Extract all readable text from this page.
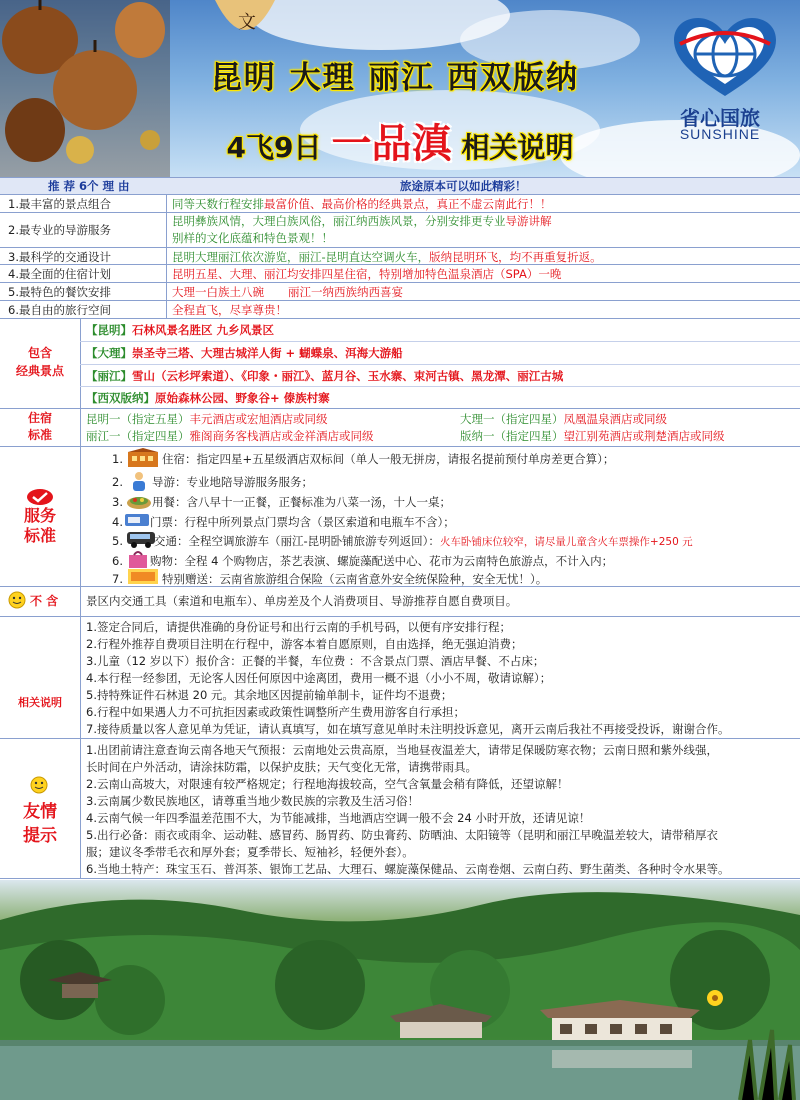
文
昆明 大理 丽江 西双版纳
4飞9日 一品滇 相关说明
省心国旅
SUNSHINE
推 荐 6个 理 由	旅途原本可以如此精彩！
1.最丰富的景点组合	同等天数行程安排最富价值、最高价格的经典景点，真正不虚云南此行！！
2.最专业的导游服务
昆明彝族风情，大理白族风俗，丽江纳西族风景，分别安排更专业导游讲解
别样的文化底蕴和特色景观！！
3.最科学的交通设计	昆明大理丽江依次游览，丽江-昆明直达空调火车，版纳昆明环飞，均不再重复折返。
4.最全面的住宿计划	昆明五星、大理、丽江均安排四星住宿，特别增加特色温泉酒店（SPA）一晚
5.最特色的餐饮安排	大理一白族土八碗 丽江一纳西族纳西喜宴
6.最自由的旅行空间	全程直飞，尽享尊贵！
包含
经典景点
【昆明】石林风景名胜区 九乡风景区
【大理】崇圣寺三塔、大理古城洋人街 + 蝴蝶泉、洱海大游船
【丽江】雪山（云杉坪索道）、《印象・丽江》、蓝月谷、玉水寨、束河古镇、黑龙潭、丽江古城
【西双版纳】原始森林公园、野象谷+ 傣族村寨
住宿
标准
昆明一（指定五星）丰元酒店或宏旭酒店或同级	大理一（指定四星）凤凰温泉酒店或同级
丽江一（指定四星）雅阁商务客栈酒店或金祥酒店或同级	版纳一（指定四星）望江别苑酒店或荆楚酒店或同级
服务
标准
1.	住宿：指定四星+五星级酒店双标间（单人一般无拼房，请报名提前预付单房差更合算）；
2.	导游：专业地陪导游服务服务；
3.	用餐：含八早十一正餐，正餐标准为八菜一汤，十人一桌；
4. 门票：行程中所列景点门票均含（景区索道和电瓶车不含）；
5.	交通：全程空调旅游车（丽江-昆明卧铺旅游专列返回）：火车卧铺床位较窄，请尽量儿童含火车票操作+250 元
6. 购物：全程 4 个购物店，茶艺表演、螺旋藻配送中心、花市为云南特色旅游点，不计入内；
7.	特别赠送：云南省旅游组合保险（云南省意外安全统保险种，安全无忧！）。
不 含 景区内交通工具（索道和电瓶车）、单房差及个人消费项目、导游推荐自愿自费项目。
相关说明
1.签定合同后，请提供准确的身份证号和出行云南的手机号码，以便有序安排行程；
2.行程外推荐自费项目注明在行程中，游客本着自愿原则，自由选择，绝无强迫消费；
3.儿童（12 岁以下）报价含：正餐的半餐，车位费 ：不含景点门票、酒店早餐、不占床；
4.本行程一经参团，无论客人因任何原因中途离团，费用一概不退（小小不周，敬请谅解）；
5.持特殊证件石林退 20 元。其余地区因提前输单制卡，证件均不退费；
6.行程中如果遇人力不可抗拒因素或政策性调整所产生费用游客自行承担；
7.接待质量以客人意见单为凭证，请认真填写，如在填写意见单时未注明投诉意见，离开云南后我社不再接受投诉，谢谢合作。
友情
提示
1.出团前请注意查询云南各地天气预报：云南地处云贵高原，当地昼夜温差大，请带足保暖防寒衣物；云南日照和紫外线强，
长时间在户外活动，请涂抹防霜，以保护皮肤；天气变化无常，请携带雨具。
2.云南山高坡大，对限速有较严格规定；行程地海拔较高，空气含氧量会稍有降低，还望谅解！
3.云南属少数民族地区，请尊重当地少数民族的宗教及生活习俗！
4.云南气候一年四季温差范围不大，为节能减排，当地酒店空调一般不会 24 小时开放，还请见谅！
5.出行必备：雨衣或雨伞、运动鞋、感冒药、肠胃药、防虫膏药、防晒油、太阳镜等（昆明和丽江早晚温差较大，请带稍厚衣
服；建议冬季带毛衣和厚外套；夏季带长、短袖衫，轻便外套）。
6.当地土特产：珠宝玉石、普洱茶、银饰工艺品、大理石、螺旋藻保健品、云南卷烟、云南白药、野生菌类、各种时令水果等。
